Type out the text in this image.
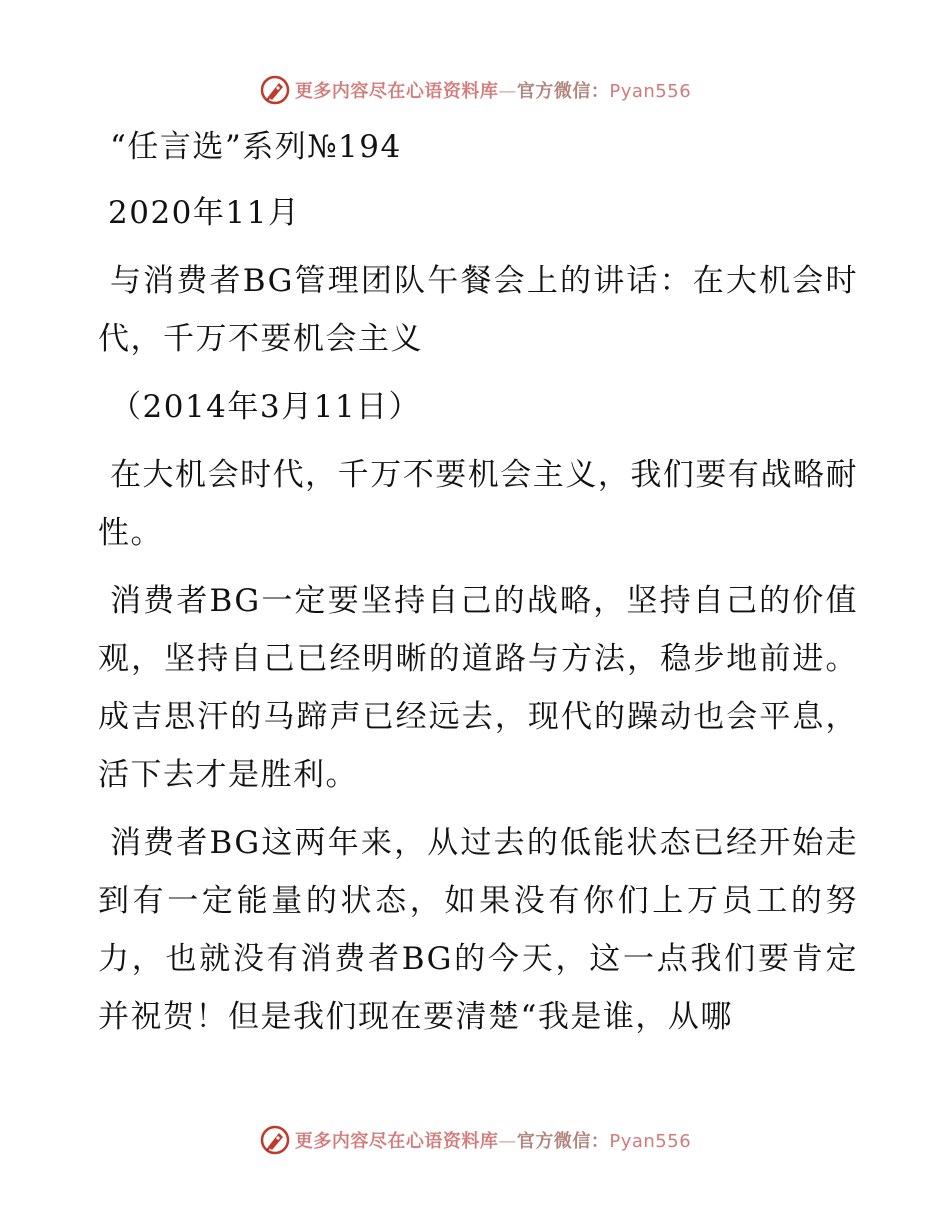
更多内容尽在心语资料库—官方微信：Pyan556

“任言选”系列№194

2020年11月

与消费者BG管理团队午餐会上的讲话：在大机会时代，千万不要机会主义

（2014年3月11日）

在大机会时代，千万不要机会主义，我们要有战略耐性。

消费者BG一定要坚持自己的战略，坚持自己的价值观，坚持自己已经明晰的道路与方法，稳步地前进。成吉思汗的马蹄声已经远去，现代的躁动也会平息，活下去才是胜利。

消费者BG这两年来，从过去的低能状态已经开始走到有一定能量的状态，如果没有你们上万员工的努力，也就没有消费者BG的今天，这一点我们要肯定并祝贺！但是我们现在要清楚“我是谁，从哪

更多内容尽在心语资料库—官方微信：Pyan556
